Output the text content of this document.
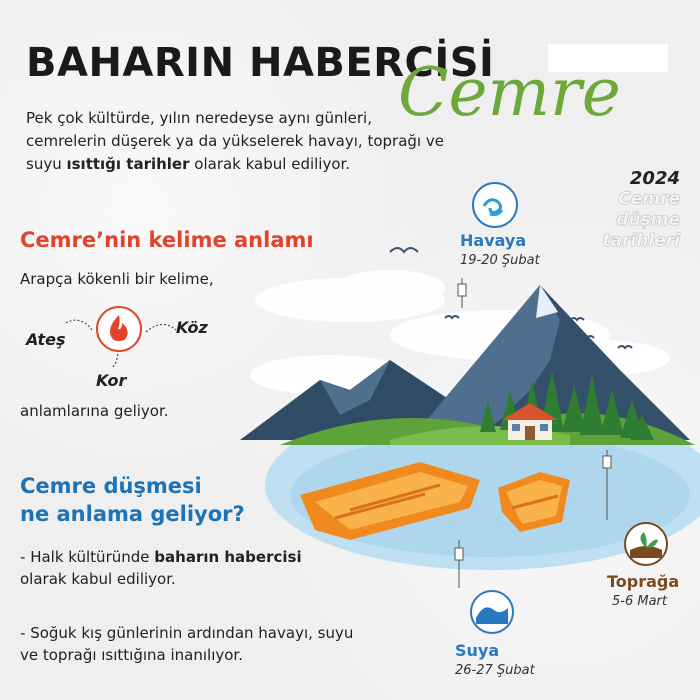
BAHARIN HABERCİSİ
Cemre
Pek çok kültürde, yılın neredeyse aynı günleri, cemrelerin düşerek ya da yükselerek havayı, toprağı ve suyu ısıttığı tarihler olarak kabul ediliyor.
2024
Cemre
düşme
tarihleri
Cemre’nin kelime anlamı
Arapça kökenli bir kelime,
Ateş
Köz
Kor
anlamlarına geliyor.
Cemre düşmesi
ne anlama geliyor?
- Halk kültüründe baharın habercisi olarak kabul ediliyor.
- Soğuk kış günlerinin ardından havayı, suyu ve toprağı ısıttığına inanılıyor.
Havaya
19-20 Şubat
Suya
26-27 Şubat
Toprağa
5-6 Mart
